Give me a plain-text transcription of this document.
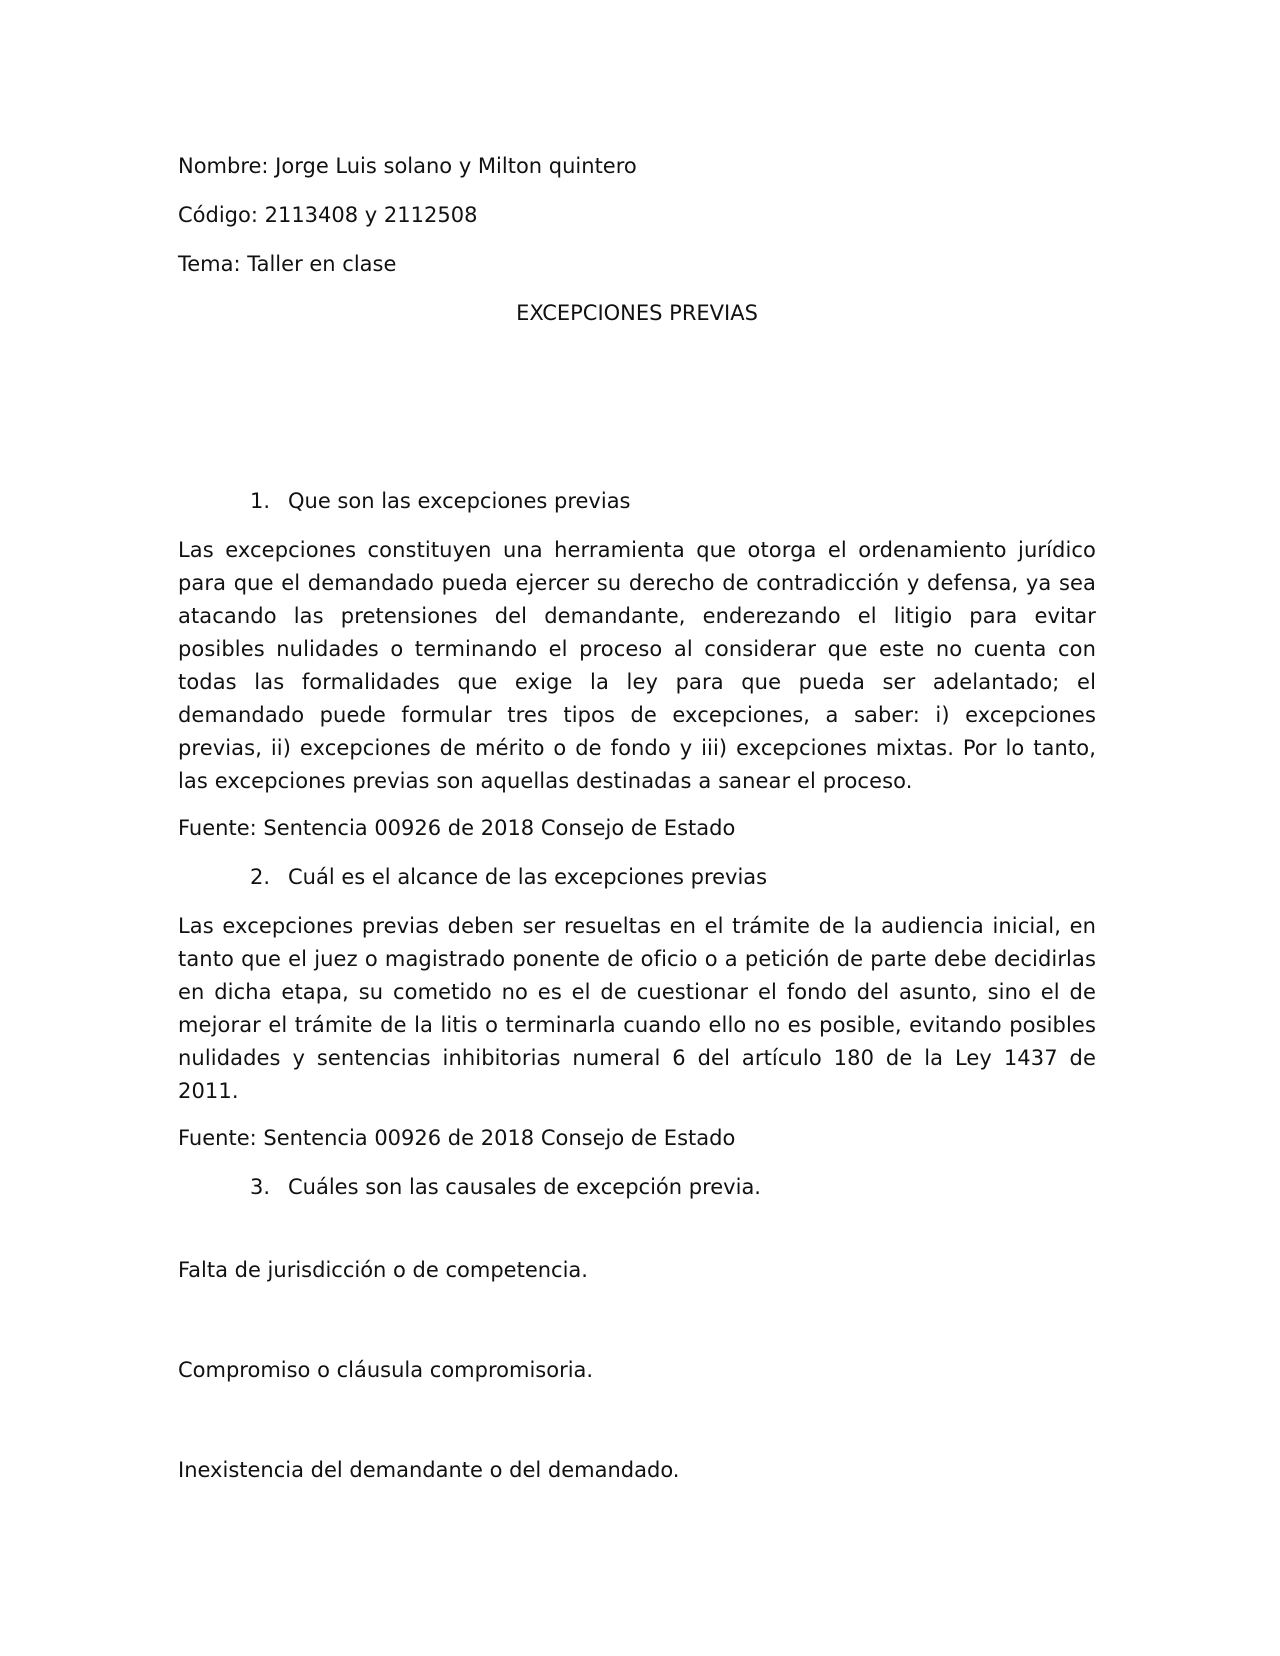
Nombre: Jorge Luis solano y Milton quintero

Código: 2113408 y 2112508

Tema: Taller en clase

EXCEPCIONES PREVIAS

1. Que son las excepciones previas

Las excepciones constituyen una herramienta que otorga el ordenamiento jurídico para que el demandado pueda ejercer su derecho de contradicción y defensa, ya sea atacando las pretensiones del demandante, enderezando el litigio para evitar posibles nulidades o terminando el proceso al considerar que este no cuenta con todas las formalidades que exige la ley para que pueda ser adelantado; el demandado puede formular tres tipos de excepciones, a saber: i) excepciones previas, ii) excepciones de mérito o de fondo y iii) excepciones mixtas. Por lo tanto, las excepciones previas son aquellas destinadas a sanear el proceso.

Fuente: Sentencia 00926 de 2018 Consejo de Estado

2. Cuál es el alcance de las excepciones previas

Las excepciones previas deben ser resueltas en el trámite de la audiencia inicial, en tanto que el juez o magistrado ponente de oficio o a petición de parte debe decidirlas en dicha etapa, su cometido no es el de cuestionar el fondo del asunto, sino el de mejorar el trámite de la litis o terminarla cuando ello no es posible, evitando posibles nulidades y sentencias inhibitorias numeral 6 del artículo 180 de la Ley 1437 de 2011.

Fuente: Sentencia 00926 de 2018 Consejo de Estado

3. Cuáles son las causales de excepción previa.

Falta de jurisdicción o de competencia.

Compromiso o cláusula compromisoria.

Inexistencia del demandante o del demandado.
